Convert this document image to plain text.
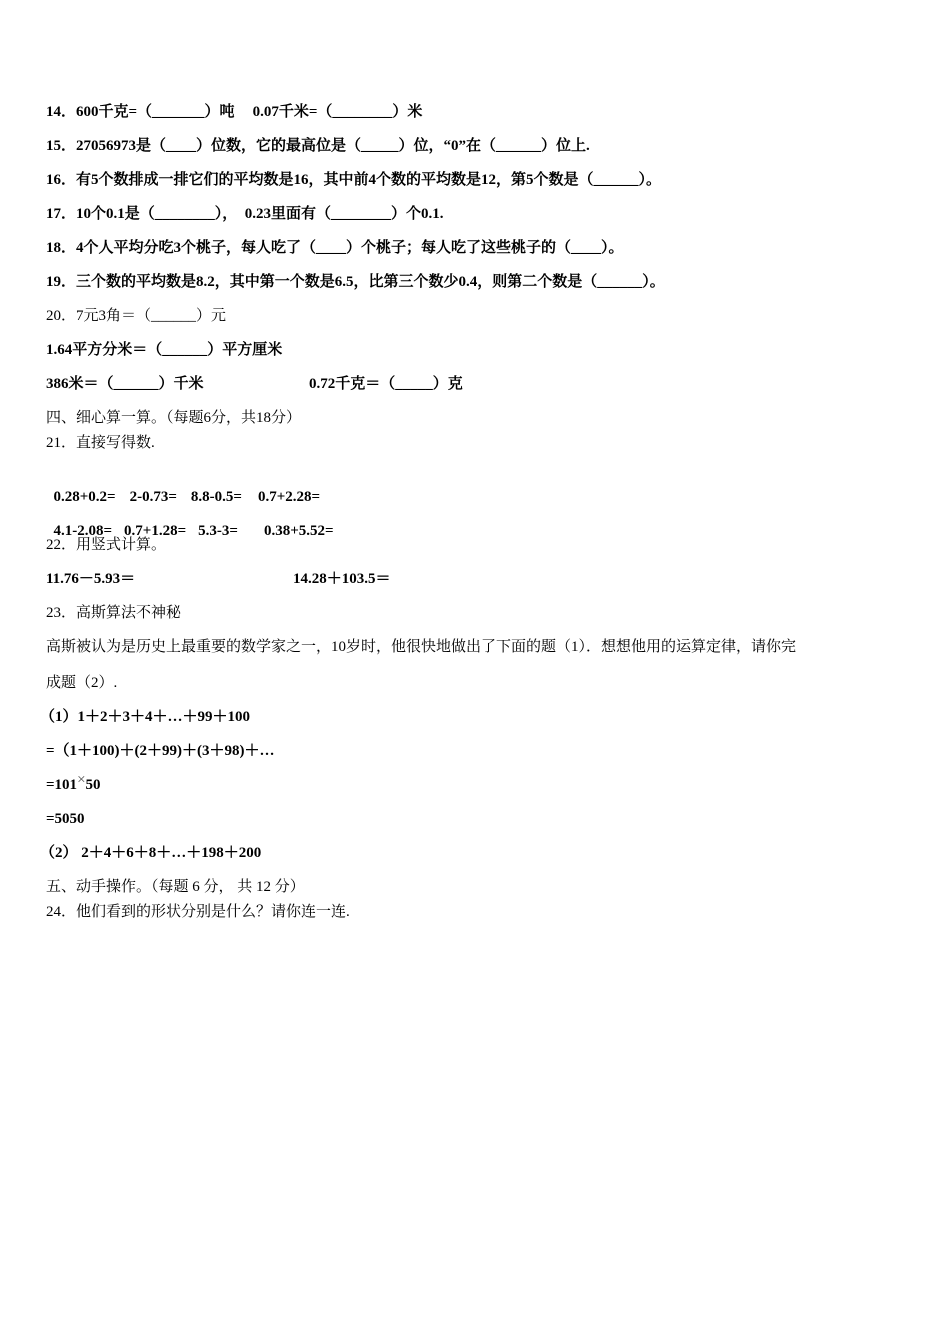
14．600千克=（_______）吨 0.07千米=（________）米
15．27056973是（____）位数，它的最高位是（_____）位，“0”在（______）位上.
16．有5个数排成一排它们的平均数是16，其中前4个数的平均数是12，第5个数是（______）。
17．10个0.1是（________），  0.23里面有（________）个0.1.
18．4个人平均分吃3个桃子，每人吃了（____）个桃子；每人吃了这些桃子的（____）。
19．三个数的平均数是8.2，其中第一个数是6.5，比第三个数少0.4，则第二个数是（______）。
20．7元3角＝（______）元
1.64平方分米＝（______）平方厘米
386米＝（______）千米	0.72千克＝（_____）克
四、细心算一算。（每题6分，共18分）
21．直接写得数.

0.28+0.2= 2-0.73= 8.8-0.5= 0.7+2.28=

4.1-2.08= 0.7+1.28= 5.3-3= 0.38+5.52=

22．用竖式计算。
11.76－5.93＝	14.28＋103.5＝
23．高斯算法不神秘
高斯被认为是历史上最重要的数学家之一，10岁时，他很快地做出了下面的题（1）．想想他用的运算定律，请你完
成题（2）.
（1）1＋2＋3＋4＋…＋99＋100
=（1＋100)＋(2＋99)＋(3＋98)＋…
=101×50
=5050
（2） 2＋4＋6＋8＋…＋198＋200
五、动手操作。（每题 6 分， 共 12 分）
24．他们看到的形状分别是什么？请你连一连.
